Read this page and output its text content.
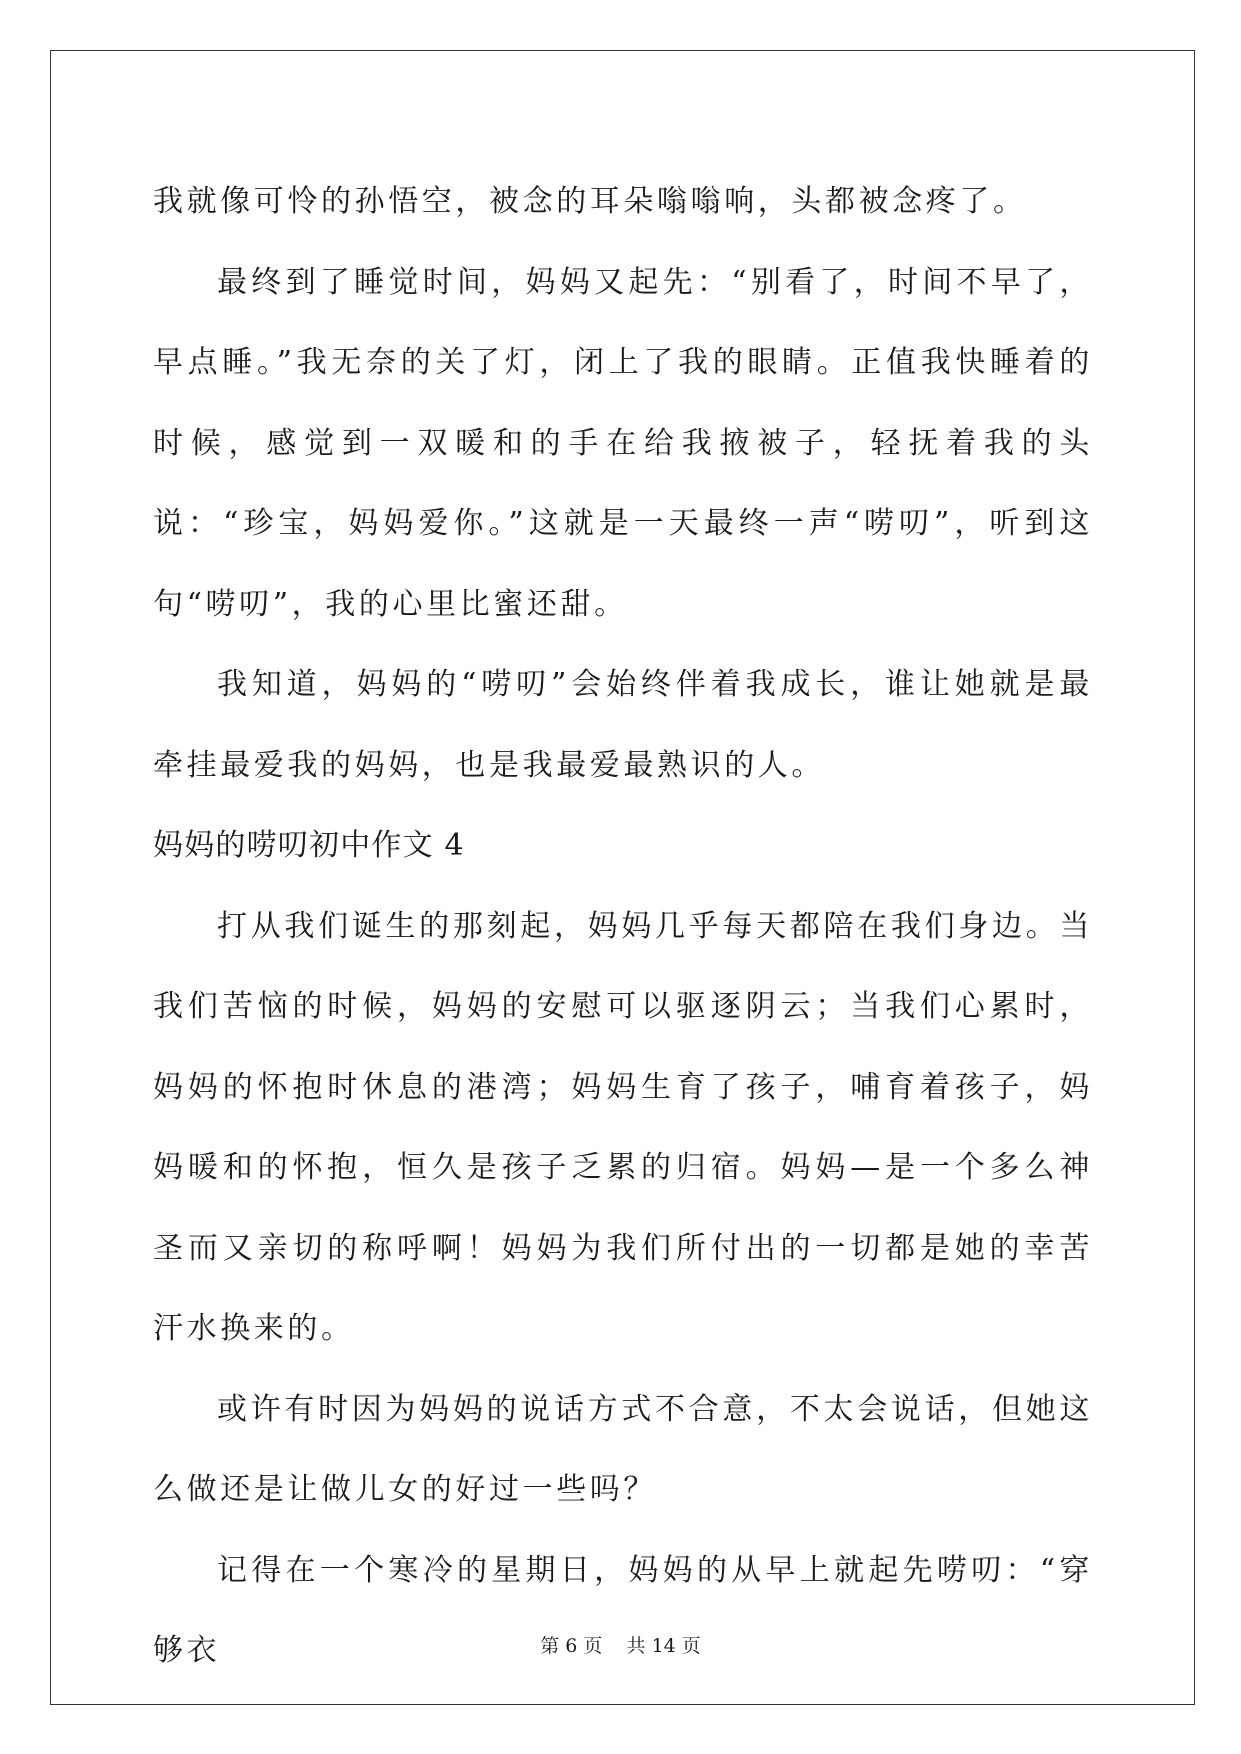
我就像可怜的孙悟空，被念的耳朵嗡嗡响，头都被念疼了。

最终到了睡觉时间，妈妈又起先：“别看了，时间不早了，早点睡。”我无奈的关了灯，闭上了我的眼睛。正值我快睡着的时候，感觉到一双暖和的手在给我掖被子，轻抚着我的头说：“珍宝，妈妈爱你。”这就是一天最终一声“唠叨”，听到这句“唠叨”，我的心里比蜜还甜。

我知道，妈妈的“唠叨”会始终伴着我成长，谁让她就是最牵挂最爱我的妈妈，也是我最爱最熟识的人。

妈妈的唠叨初中作文 4

打从我们诞生的那刻起，妈妈几乎每天都陪在我们身边。当我们苦恼的时候，妈妈的安慰可以驱逐阴云；当我们心累时，妈妈的怀抱时休息的港湾；妈妈生育了孩子，哺育着孩子，妈妈暖和的怀抱，恒久是孩子乏累的归宿。妈妈—是一个多么神圣而又亲切的称呼啊！妈妈为我们所付出的一切都是她的幸苦汗水换来的。

或许有时因为妈妈的说话方式不合意，不太会说话，但她这么做还是让做儿女的好过一些吗？

记得在一个寒冷的星期日，妈妈的从早上就起先唠叨：“穿够衣	第 6 页    共 14 页
